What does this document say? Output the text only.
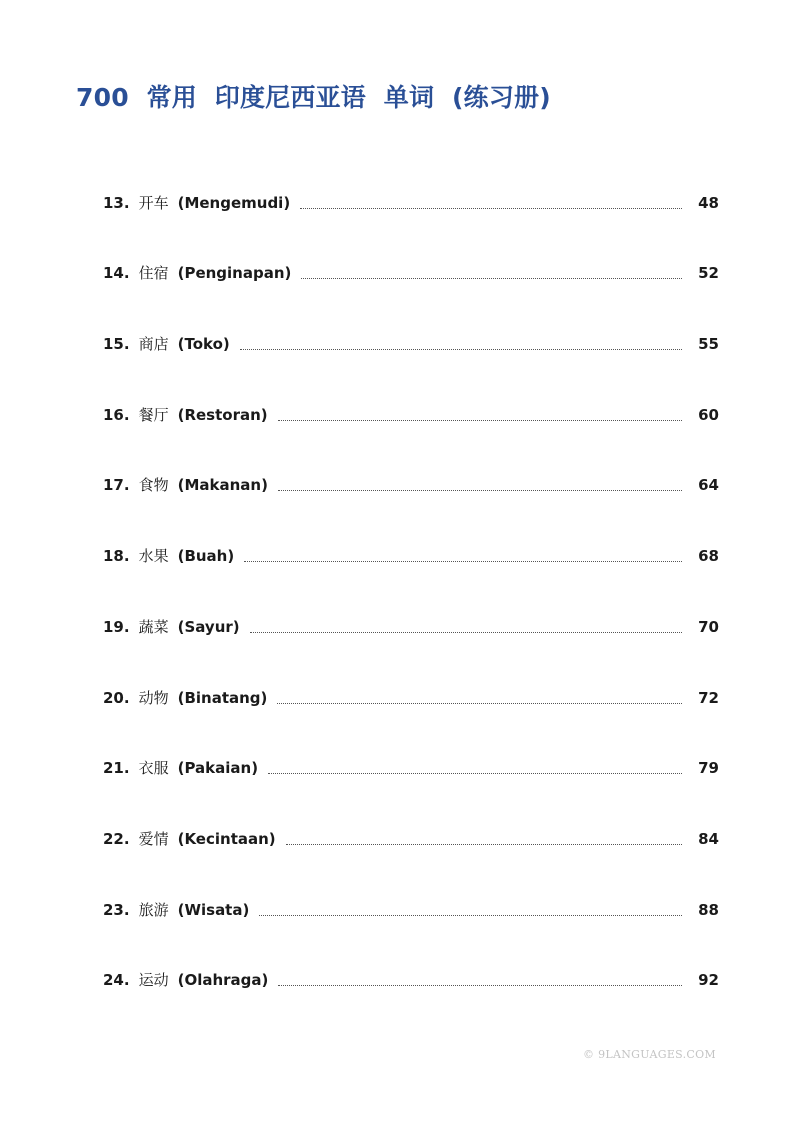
700  常用  印度尼西亚语  单词  (练习册)
13. 开车 (Mengemudi)	48
14. 住宿 (Penginapan)	52
15. 商店 (Toko)	55
16. 餐厅 (Restoran)	60
17. 食物 (Makanan)	64
18. 水果 (Buah)	68
19. 蔬菜 (Sayur)	70
20. 动物 (Binatang)	72
21. 衣服 (Pakaian)	79
22. 爱情 (Kecintaan)	84
23. 旅游 (Wisata)	88
24. 运动 (Olahraga)	92
© 9LANGUAGES.COM
